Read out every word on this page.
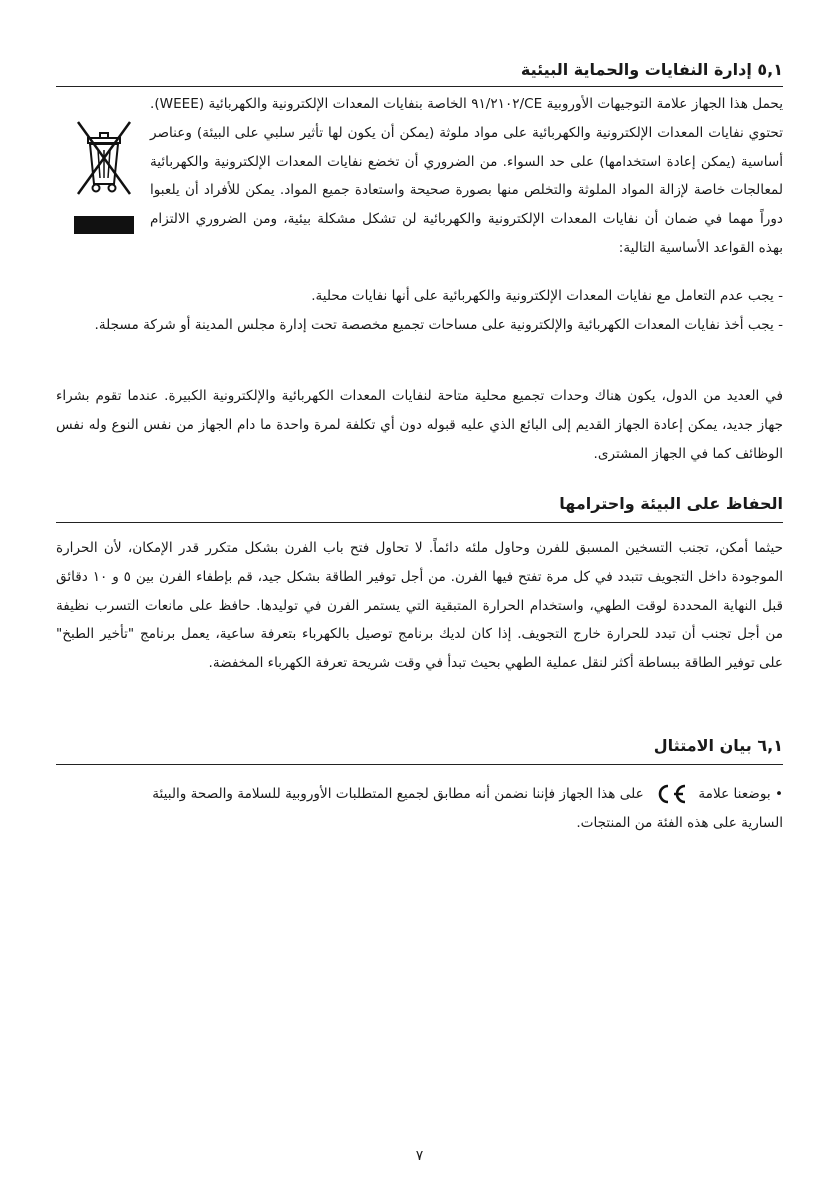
٥,١ إدارة النفايات والحماية البيئية

يحمل هذا الجهاز علامة التوجيهات الأوروبية CE/٩١/٢١٠٢ الخاصة بنفايات المعدات الإلكترونية والكهربائية (WEEE). تحتوي نفايات المعدات الإلكترونية والكهربائية على مواد ملوثة (يمكن أن يكون لها تأثير سلبي على البيئة) وعناصر أساسية (يمكن إعادة استخدامها) على حد السواء. من الضروري أن تخضع نفايات المعدات الإلكترونية والكهربائية لمعالجات خاصة لإزالة المواد الملوثة والتخلص منها بصورة صحيحة واستعادة جميع المواد. يمكن للأفراد أن يلعبوا دوراً مهما في ضمان أن نفايات المعدات الإلكترونية والكهربائية لن تشكل مشكلة بيئية، ومن الضروري الالتزام بهذه القواعد الأساسية التالية:

- يجب عدم التعامل مع نفايات المعدات الإلكترونية والكهربائية على أنها نفايات محلية.
- يجب أخذ نفايات المعدات الكهربائية والإلكترونية على مساحات تجميع مخصصة تحت إدارة مجلس المدينة أو شركة مسجلة.

في العديد من الدول، يكون هناك وحدات تجميع محلية متاحة لنفايات المعدات الكهربائية والإلكترونية الكبيرة. عندما تقوم بشراء جهاز جديد، يمكن إعادة الجهاز القديم إلى البائع الذي عليه قبوله دون أي تكلفة لمرة واحدة ما دام الجهاز من نفس النوع وله نفس الوظائف كما في الجهاز المشترى.

الحفاظ على البيئة واحترامها

حيثما أمكن، تجنب التسخين المسبق للفرن وحاول ملئه دائماً. لا تحاول فتح باب الفرن بشكل متكرر قدر الإمكان، لأن الحرارة الموجودة داخل التجويف تتبدد في كل مرة تفتح فيها الفرن. من أجل توفير الطاقة بشكل جيد، قم بإطفاء الفرن بين ٥ و ١٠ دقائق قبل النهاية المحددة لوقت الطهي، واستخدام الحرارة المتبقية التي يستمر الفرن في توليدها. حافظ على مانعات التسرب نظيفة من أجل تجنب أن تبدد للحرارة خارج التجويف. إذا كان لديك برنامج توصيل بالكهرباء بتعرفة ساعية، يعمل برنامج "تأخير الطبخ" على توفير الطاقة ببساطة أكثر لنقل عملية الطهي بحيث تبدأ في وقت شريحة تعرفة الكهرباء المخفضة.

٦,١ بيان الامتثال
• بوضعنا علامة  على هذا الجهاز فإننا نضمن أنه مطابق لجميع المتطلبات الأوروبية للسلامة والصحة والبيئة
السارية على هذه الفئة من المنتجات.
٧
